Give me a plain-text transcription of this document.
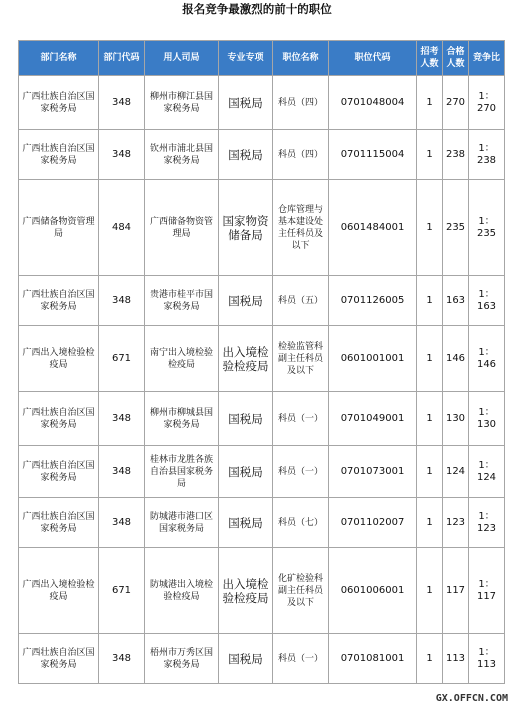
报名竞争最激烈的前十的职位
部门名称	部门代码	用人司局	专业专项	职位名称	职位代码	招考人数	合格人数	竞争比
广西壮族自治区国家税务局	348	柳州市柳江县国家税务局	国税局	科员（四）	0701048004	1	270	1：270
广西壮族自治区国家税务局	348	钦州市浦北县国家税务局	国税局	科员（四）	0701115004	1	238	1：238
广西储备物资管理局	484	广西储备物资管理局	国家物资储备局	仓库管理与基本建设处主任科员及以下	0601484001	1	235	1：235
广西壮族自治区国家税务局	348	贵港市桂平市国家税务局	国税局	科员（五）	0701126005	1	163	1：163
广西出入境检验检疫局	671	南宁出入境检验检疫局	出入境检验检疫局	检验监管科副主任科员及以下	0601001001	1	146	1：146
广西壮族自治区国家税务局	348	柳州市柳城县国家税务局	国税局	科员（一）	0701049001	1	130	1：130
广西壮族自治区国家税务局	348	桂林市龙胜各族自治县国家税务局	国税局	科员（一）	0701073001	1	124	1：124
广西壮族自治区国家税务局	348	防城港市港口区国家税务局	国税局	科员（七）	0701102007	1	123	1：123
广西出入境检验检疫局	671	防城港出入境检验检疫局	出入境检验检疫局	化矿检验科副主任科员及以下	0601006001	1	117	1：117
广西壮族自治区国家税务局	348	梧州市万秀区国家税务局	国税局	科员（一）	0701081001	1	113	1：113
GX.OFFCN.COM
